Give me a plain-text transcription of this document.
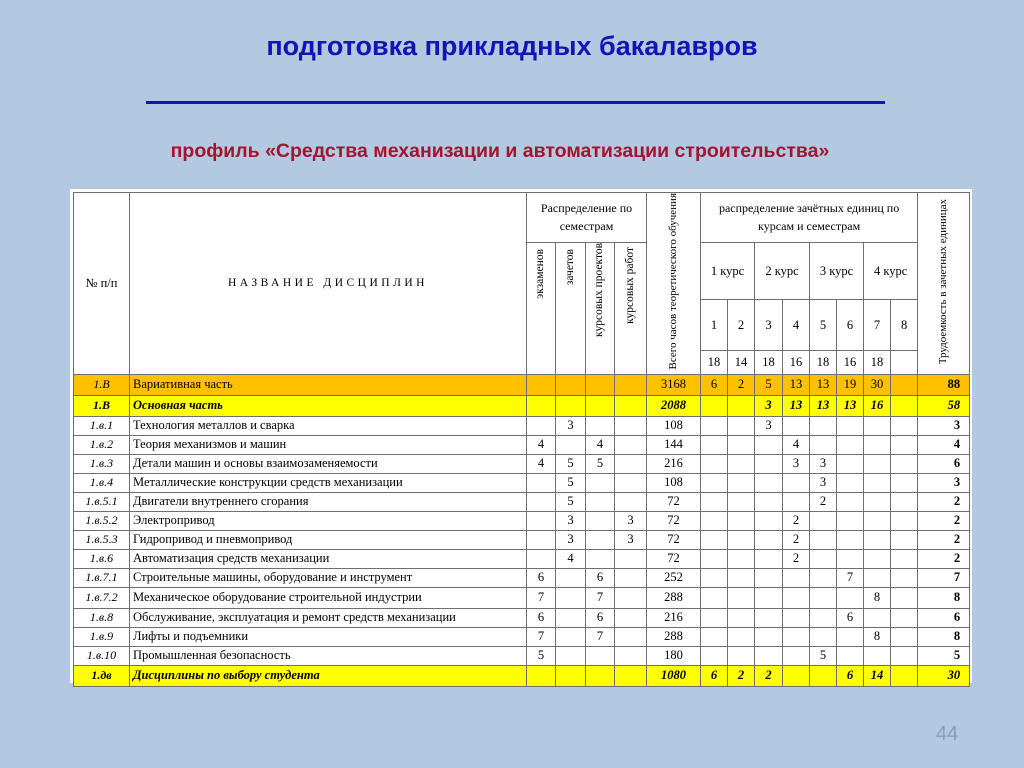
подготовка прикладных бакалавров
профиль «Средства механизации и автоматизации строительства»
№ п/п	НАЗВАНИЕ ДИСЦИПЛИН	Распределение по семестрам				Всего часов теоретического обучения	распределение зачётных единиц по курсам и семестрам								Трудоемкость в зачетных единицах
		экзаменов	зачетов	курсовых проектов	курсовых работ		1 курс		2 курс		3 курс		4 курс		
							1	2	3	4	5	6	7	8	
							18	14	18	16	18	16	18		
1.В	Вариативная часть					3168	6	2	5	13	13	19	30		88
1.В	Основная часть					2088			3	13	13	13	16		58
1.в.1	Технология металлов и сварка		3			108			3						3
1.в.2	Теория механизмов и машин	4		4		144				4					4
1.в.3	Детали машин и основы взаимозаменяемости	4	5	5		216				3	3				6
1.в.4	Металлические конструкции средств механизации		5			108					3				3
1.в.5.1	Двигатели внутреннего сгорания		5			72					2				2
1.в.5.2	Электропривод		3		3	72				2					2
1.в.5.3	Гидропривод и пневмопривод		3		3	72				2					2
1.в.6	Автоматизация средств механизации		4			72				2					2
1.в.7.1	Строительные машины, оборудование и инструмент	6		6		252						7			7
1.в.7.2	Механическое оборудование строительной индустрии	7		7		288							8		8
1.в.8	Обслуживание, эксплуатация и ремонт средств механизации	6		6		216						6			6
1.в.9	Лифты и подъемники	7		7		288							8		8
1.в.10	Промышленная безопасность	5				180					5				5
1.дв	Дисциплины по выбору студента					1080	6	2	2			6	14		30
44
